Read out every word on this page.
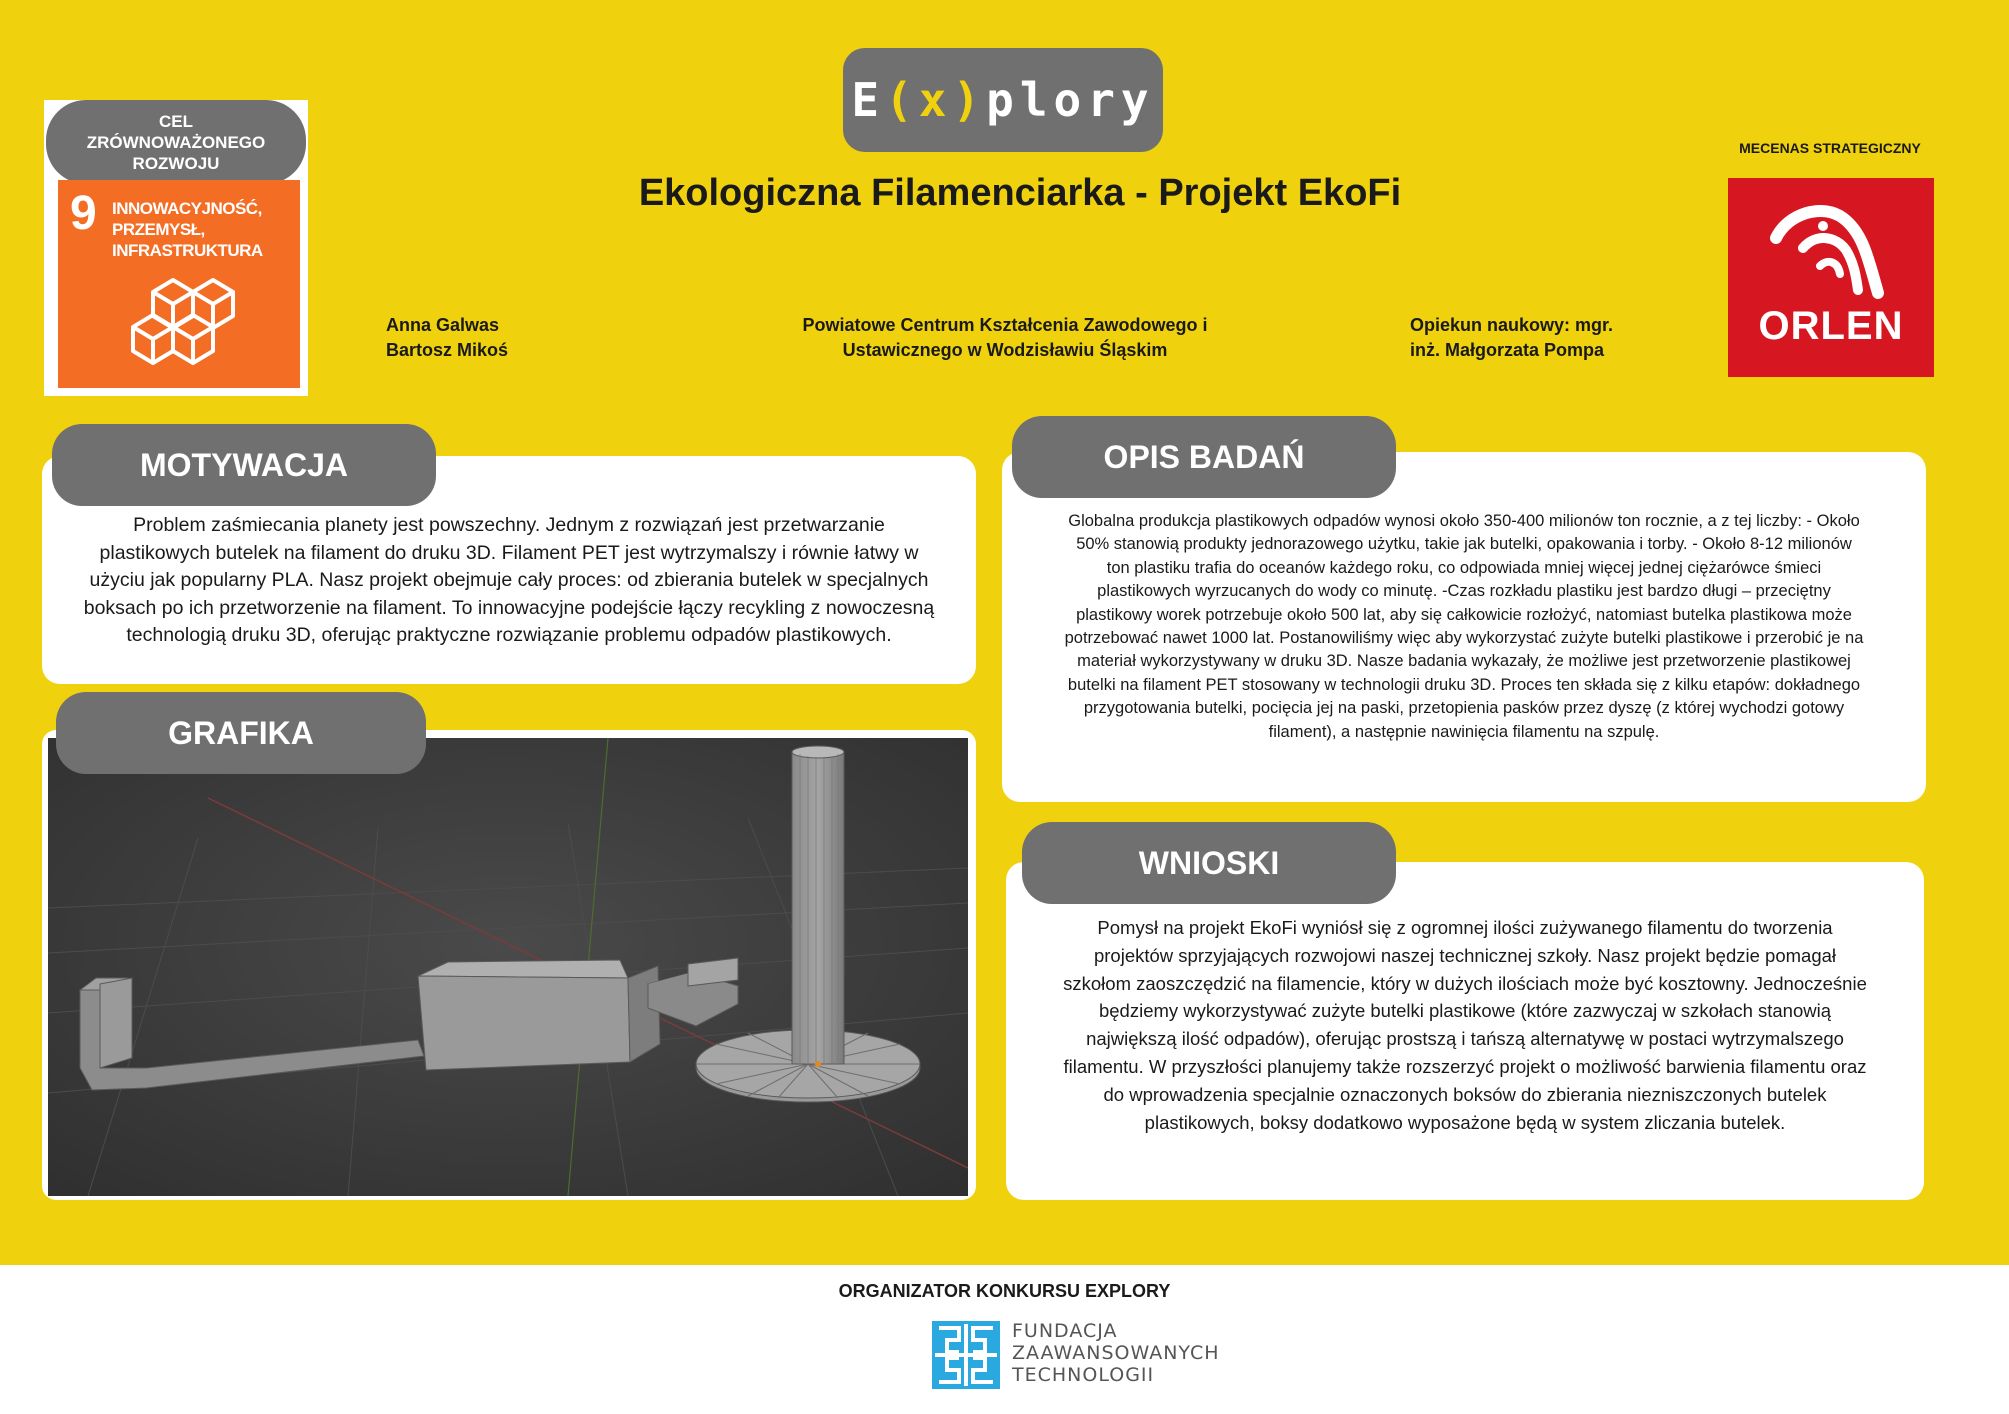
E ( x ) plory
CEL
ZRÓWNOWAŻONEGO
ROZWOJU
9 INNOWACYJNOŚĆ,
PRZEMYSŁ,
INFRASTRUKTURA
Ekologiczna Filamenciarka - Projekt EkoFi
Anna Galwas
Bartosz Mikoś
Powiatowe Centrum Kształcenia Zawodowego i
Ustawicznego w Wodzisławiu Śląskim
Opiekun naukowy: mgr.
inż. Małgorzata Pompa
MECENAS STRATEGICZNY
ORLEN
Problem zaśmiecania planety jest powszechny. Jednym z rozwiązań jest przetwarzanie plastikowych butelek na filament do druku 3D. Filament PET jest wytrzymalszy i równie łatwy w użyciu jak popularny PLA. Nasz projekt obejmuje cały proces: od zbierania butelek w specjalnych boksach po ich przetworzenie na filament. To innowacyjne podejście łączy recykling z nowoczesną technologią druku 3D, oferując praktyczne rozwiązanie problemu odpadów plastikowych.
MOTYWACJA
GRAFIKA
Globalna produkcja plastikowych odpadów wynosi około 350-400 milionów ton rocznie, a z tej liczby: - Około 50% stanowią produkty jednorazowego użytku, takie jak butelki, opakowania i torby. - Około 8-12 milionów ton plastiku trafia do oceanów każdego roku, co odpowiada mniej więcej jednej ciężarówce śmieci plastikowych wyrzucanych do wody co minutę. -Czas rozkładu plastiku jest bardzo długi – przeciętny plastikowy worek potrzebuje około 500 lat, aby się całkowicie rozłożyć, natomiast butelka plastikowa może potrzebować nawet 1000 lat. Postanowiliśmy więc aby wykorzystać zużyte butelki plastikowe i przerobić je na materiał wykorzystywany w druku 3D. Nasze badania wykazały, że możliwe jest przetworzenie plastikowej butelki na filament PET stosowany w technologii druku 3D. Proces ten składa się z kilku etapów: dokładnego przygotowania butelki, pocięcia jej na paski, przetopienia pasków przez dyszę (z której wychodzi gotowy filament), a następnie nawinięcia filamentu na szpulę.
OPIS BADAŃ
Pomysł na projekt EkoFi wyniósł się z ogromnej ilości zużywanego filamentu do tworzenia projektów sprzyjających rozwojowi naszej technicznej szkoły. Nasz projekt będzie pomagał szkołom zaoszczędzić na filamencie, który w dużych ilościach może być kosztowny. Jednocześnie będziemy wykorzystywać zużyte butelki plastikowe (które zazwyczaj w szkołach stanowią największą ilość odpadów), oferując prostszą i tańszą alternatywę w postaci wytrzymalszego filamentu. W przyszłości planujemy także rozszerzyć projekt o możliwość barwienia filamentu oraz do wprowadzenia specjalnie oznaczonych boksów do zbierania niezniszczonych butelek plastikowych, boksy dodatkowo wyposażone będą w system zliczania butelek.
WNIOSKI
ORGANIZATOR KONKURSU EXPLORY
FUNDACJA
ZAAWANSOWANYCH
TECHNOLOGII
